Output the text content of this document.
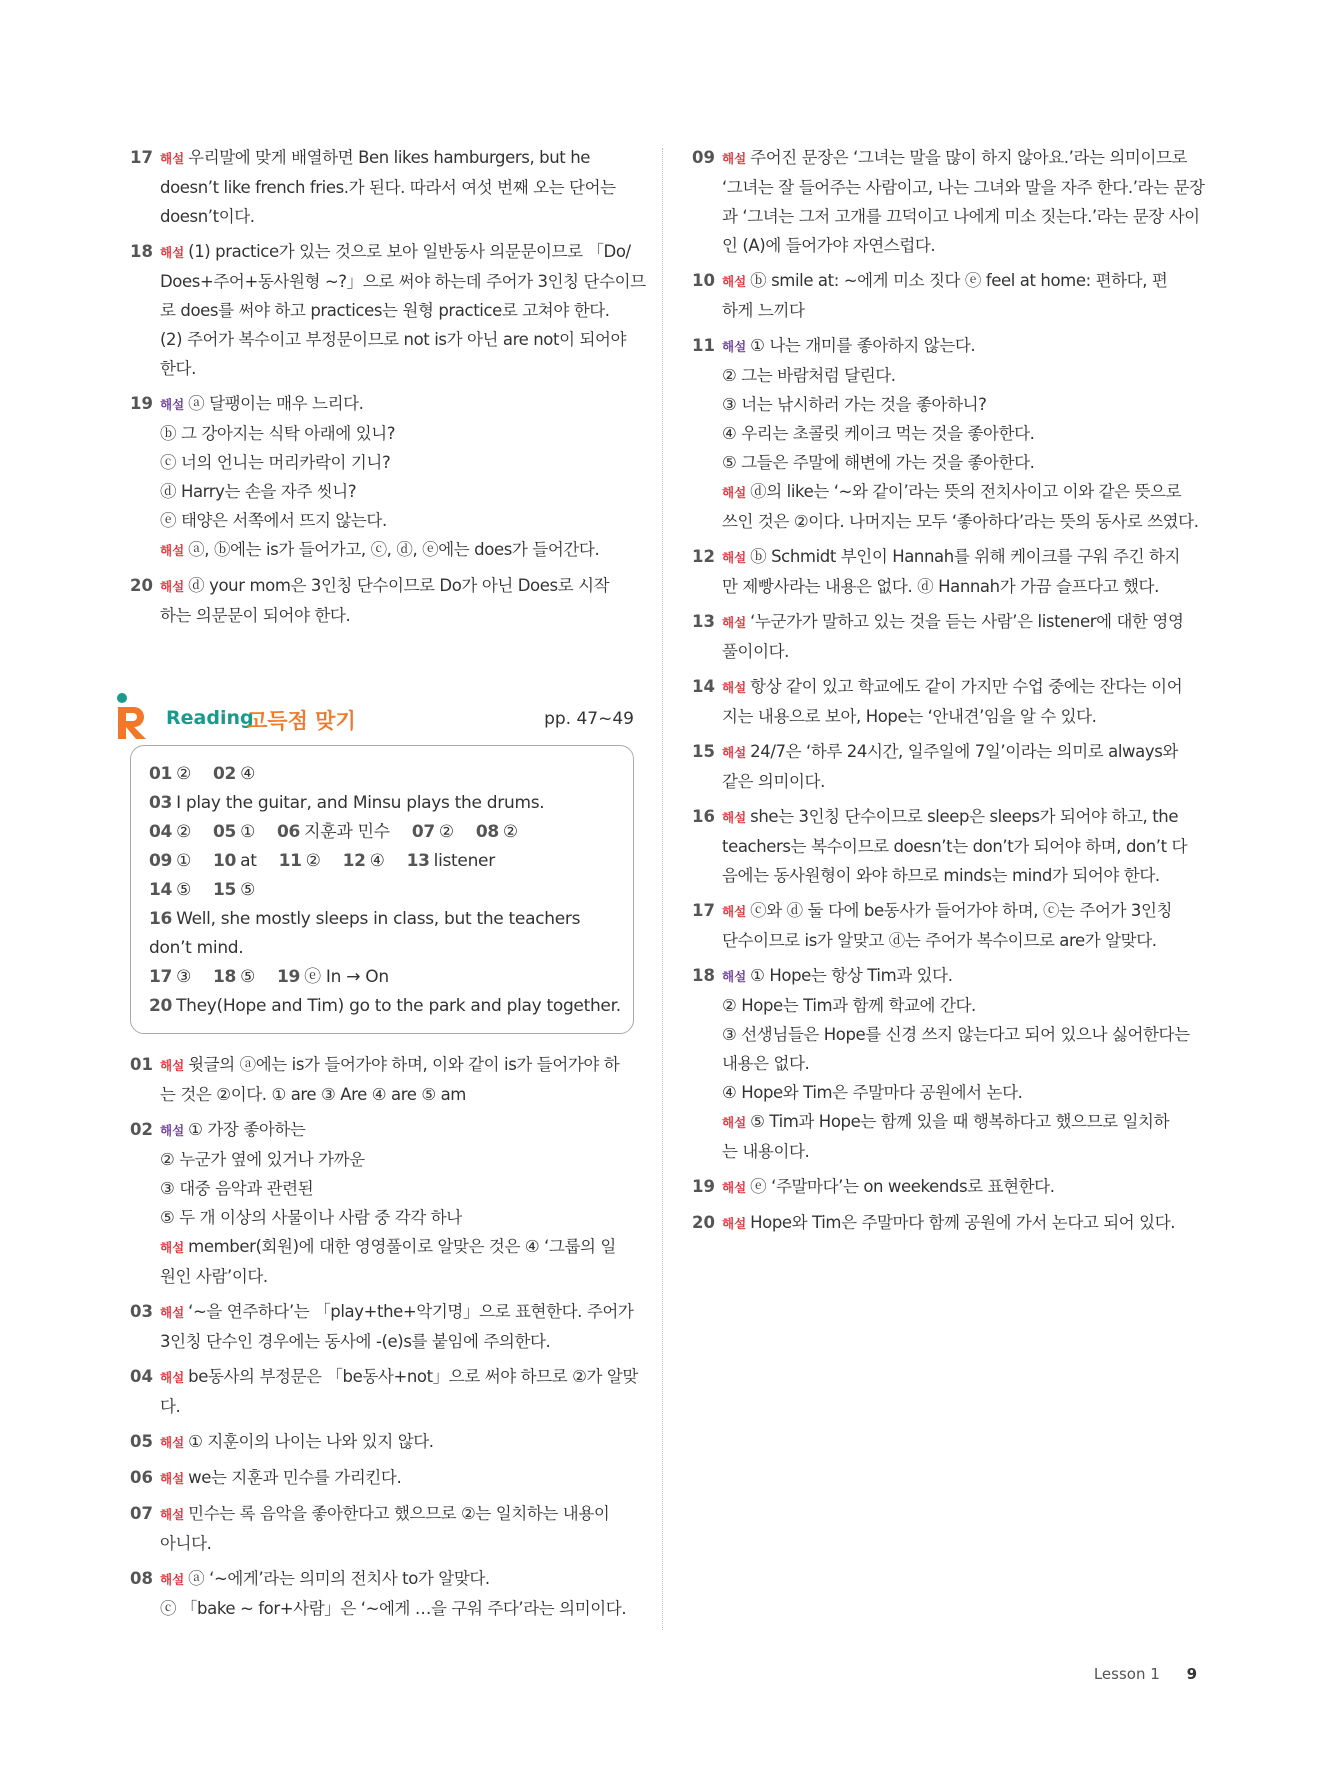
17 해설 우리말에 맞게 배열하면 Ben likes hamburgers, but he
doesn’t like french fries.가 된다. 따라서 여섯 번째 오는 단어는
doesn’t이다.
18 해설 (1) practice가 있는 것으로 보아 일반동사 의문문이므로 「Do/
Does+주어+동사원형 ~?」으로 써야 하는데 주어가 3인칭 단수이므
로 does를 써야 하고 practices는 원형 practice로 고쳐야 한다.
(2) 주어가 복수이고 부정문이므로 not is가 아닌 are not이 되어야
한다.
19 해설 ⓐ 달팽이는 매우 느리다.
ⓑ 그 강아지는 식탁 아래에 있니?
ⓒ 너의 언니는 머리카락이 기니?
ⓓ Harry는 손을 자주 씻니?
ⓔ 태양은 서쪽에서 뜨지 않는다.
해설 ⓐ, ⓑ에는 is가 들어가고, ⓒ, ⓓ, ⓔ에는 does가 들어간다.
20 해설 ⓓ your mom은 3인칭 단수이므로 Do가 아닌 Does로 시작
하는 의문문이 되어야 한다.
Reading
고득점 맞기	pp. 47~49
01 ② 02 ④
03 I play the guitar, and Minsu plays the drums.
04 ② 05 ① 06 지훈과 민수 07 ② 08 ②
09 ① 10 at 11 ② 12 ④ 13 listener
14 ⑤ 15 ⑤
16 Well, she mostly sleeps in class, but the teachers
don’t mind.
17 ③ 18 ⑤ 19 ⓔ In → On
20 They(Hope and Tim) go to the park and play together.
01 해설 윗글의 ⓐ에는 is가 들어가야 하며, 이와 같이 is가 들어가야 하
는 것은 ②이다. ① are ③ Are ④ are ⑤ am
02 해설 ① 가장 좋아하는
② 누군가 옆에 있거나 가까운
③ 대중 음악과 관련된
⑤ 두 개 이상의 사물이나 사람 중 각각 하나
해설 member(회원)에 대한 영영풀이로 알맞은 것은 ④ ‘그룹의 일
원인 사람’이다.
03 해설 ‘~을 연주하다’는 「play+the+악기명」으로 표현한다. 주어가
3인칭 단수인 경우에는 동사에 -(e)s를 붙임에 주의한다.
04 해설 be동사의 부정문은 「be동사+not」으로 써야 하므로 ②가 알맞
다.
05 해설 ① 지훈이의 나이는 나와 있지 않다.
06 해설 we는 지훈과 민수를 가리킨다.
07 해설 민수는 록 음악을 좋아한다고 했으므로 ②는 일치하는 내용이
아니다.
08 해설 ⓐ ‘~에게’라는 의미의 전치사 to가 알맞다.
ⓒ 「bake ~ for+사람」은 ‘~에게 …을 구워 주다’라는 의미이다.
09 해설 주어진 문장은 ‘그녀는 말을 많이 하지 않아요.’라는 의미이므로
‘그녀는 잘 들어주는 사람이고, 나는 그녀와 말을 자주 한다.’라는 문장
과 ‘그녀는 그저 고개를 끄덕이고 나에게 미소 짓는다.’라는 문장 사이
인 (A)에 들어가야 자연스럽다.
10 해설 ⓑ smile at: ~에게 미소 짓다 ⓔ feel at home: 편하다, 편
하게 느끼다
11 해설 ① 나는 개미를 좋아하지 않는다.
② 그는 바람처럼 달린다.
③ 너는 낚시하러 가는 것을 좋아하니?
④ 우리는 초콜릿 케이크 먹는 것을 좋아한다.
⑤ 그들은 주말에 해변에 가는 것을 좋아한다.
해설 ⓓ의 like는 ‘~와 같이’라는 뜻의 전치사이고 이와 같은 뜻으로
쓰인 것은 ②이다. 나머지는 모두 ‘좋아하다’라는 뜻의 동사로 쓰였다.
12 해설 ⓑ Schmidt 부인이 Hannah를 위해 케이크를 구워 주긴 하지
만 제빵사라는 내용은 없다. ⓓ Hannah가 가끔 슬프다고 했다.
13 해설 ‘누군가가 말하고 있는 것을 듣는 사람’은 listener에 대한 영영
풀이이다.
14 해설 항상 같이 있고 학교에도 같이 가지만 수업 중에는 잔다는 이어
지는 내용으로 보아, Hope는 ‘안내견’임을 알 수 있다.
15 해설 24/7은 ‘하루 24시간, 일주일에 7일’이라는 의미로 always와
같은 의미이다.
16 해설 she는 3인칭 단수이므로 sleep은 sleeps가 되어야 하고, the
teachers는 복수이므로 doesn’t는 don’t가 되어야 하며, don’t 다
음에는 동사원형이 와야 하므로 minds는 mind가 되어야 한다.
17 해설 ⓒ와 ⓓ 둘 다에 be동사가 들어가야 하며, ⓒ는 주어가 3인칭
단수이므로 is가 알맞고 ⓓ는 주어가 복수이므로 are가 알맞다.
18 해설 ① Hope는 항상 Tim과 있다.
② Hope는 Tim과 함께 학교에 간다.
③ 선생님들은 Hope를 신경 쓰지 않는다고 되어 있으나 싫어한다는
내용은 없다.
④ Hope와 Tim은 주말마다 공원에서 논다.
해설 ⑤ Tim과 Hope는 함께 있을 때 행복하다고 했으므로 일치하
는 내용이다.
19 해설 ⓔ ‘주말마다’는 on weekends로 표현한다.
20 해설 Hope와 Tim은 주말마다 함께 공원에 가서 논다고 되어 있다.
Lesson 1 9
